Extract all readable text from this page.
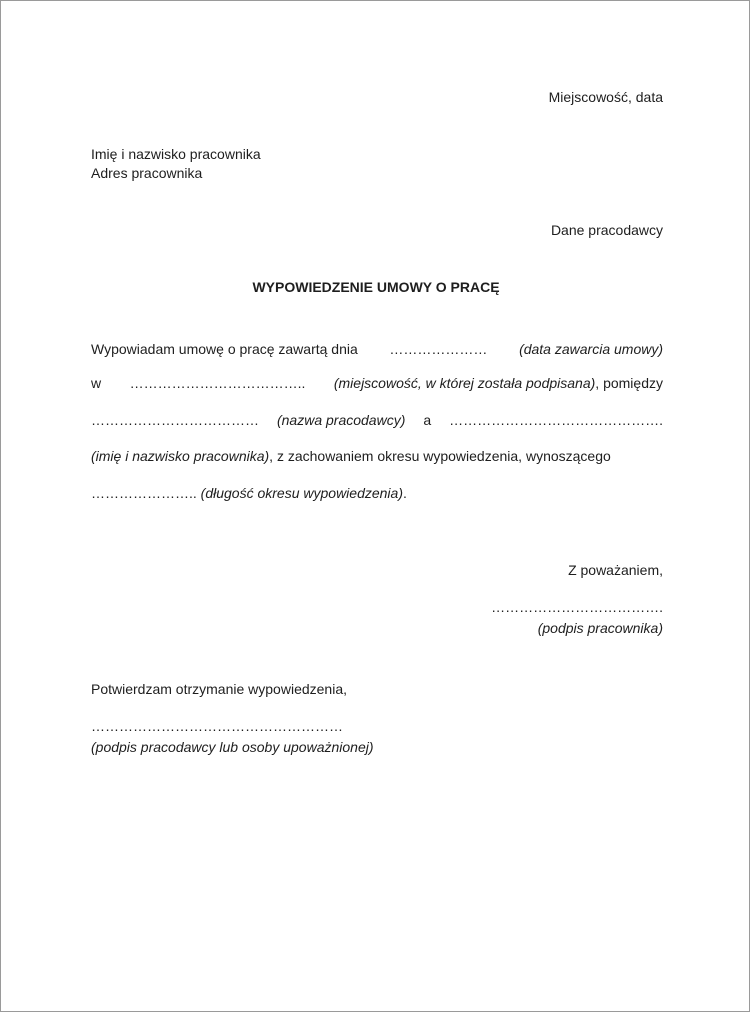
Miejscowość, data
Imię i nazwisko pracownika
Adres pracownika
Dane pracodawcy
WYPOWIEDZENIE UMOWY O PRACĘ
Wypowiadam umowę o pracę zawartą dnia ………………… (data zawarcia umowy)
w ……………………………….. (miejscowość, w której została podpisana), pomiędzy
……………………………… (nazwa pracodawcy) a ……………………………………….
(imię i nazwisko pracownika), z zachowaniem okresu wypowiedzenia, wynoszącego
………………….. (długość okresu wypowiedzenia).
Z poważaniem,
……………………………….
(podpis pracownika)
Potwierdzam otrzymanie wypowiedzenia,
………………………………………………
(podpis pracodawcy lub osoby upoważnionej)
